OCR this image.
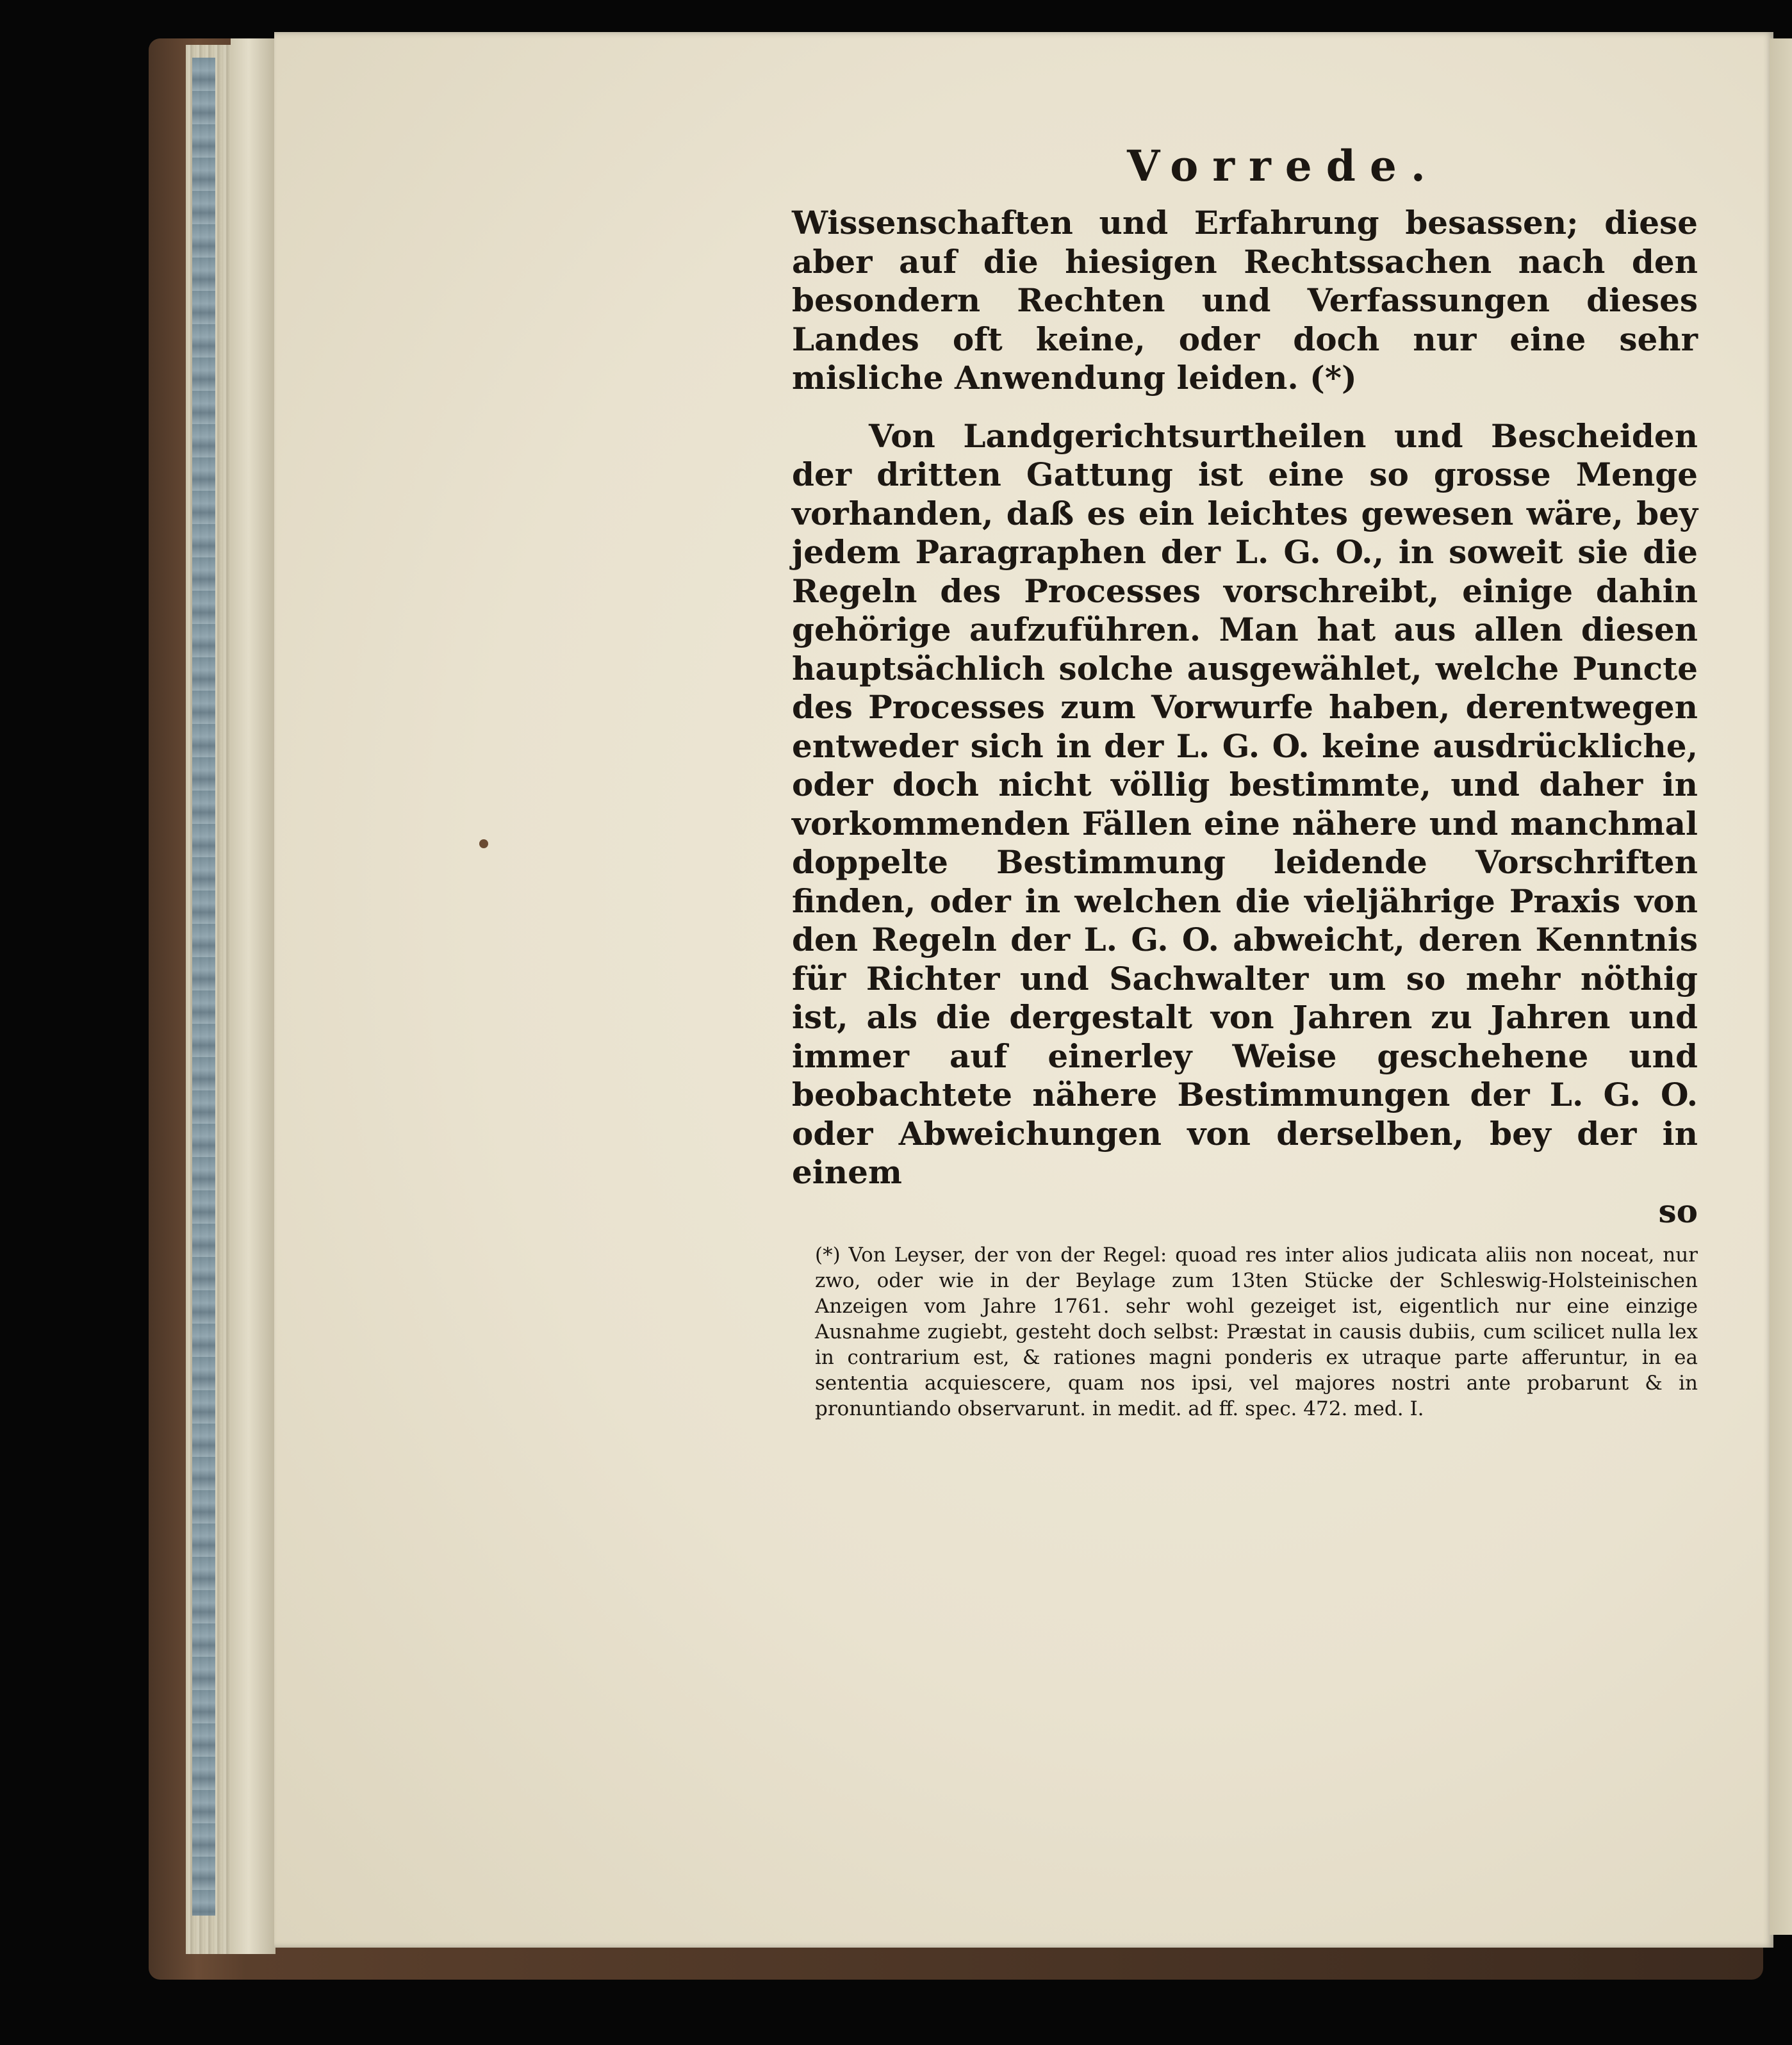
Vorrede.

Wissenschaften und Erfahrung besassen; diese aber auf die hiesigen Rechtssachen nach den besondern Rechten und Verfassungen dieses Landes oft keine, oder doch nur eine sehr misliche Anwendung leiden. (*)

Von Landgerichtsurtheilen und Bescheiden der dritten Gattung ist eine so grosse Menge vorhanden, daß es ein leichtes gewesen wäre, bey jedem Paragraphen der L. G. O., in soweit sie die Regeln des Processes vorschreibt, einige dahin gehörige aufzuführen. Man hat aus allen diesen hauptsächlich solche ausgewählet, welche Puncte des Processes zum Vorwurfe haben, derentwegen entweder sich in der L. G. O. keine ausdrückliche, oder doch nicht völlig bestimmte, und daher in vorkommenden Fällen eine nähere und manchmal doppelte Bestimmung leidende Vorschriften finden, oder in welchen die vieljährige Praxis von den Regeln der L. G. O. abweicht, deren Kenntnis für Richter und Sachwalter um so mehr nöthig ist, als die dergestalt von Jahren zu Jahren und immer auf einerley Weise geschehene und beobachtete nähere Bestimmungen der L. G. O. oder Abweichungen von derselben, bey der in einem

so

(*) Von Leyser, der von der Regel: quoad res inter alios judicata aliis non noceat, nur zwo, oder wie in der Beylage zum 13ten Stücke der Schleswig-Holsteinischen Anzeigen vom Jahre 1761. sehr wohl gezeiget ist, eigentlich nur eine einzige Ausnahme zugiebt, gesteht doch selbst: Præstat in causis dubiis, cum scilicet nulla lex in contrarium est, & rationes magni ponderis ex utraque parte afferuntur, in ea sententia acquiescere, quam nos ipsi, vel majores nostri ante probarunt & in pronuntiando observarunt. in medit. ad ff. spec. 472. med. I.
